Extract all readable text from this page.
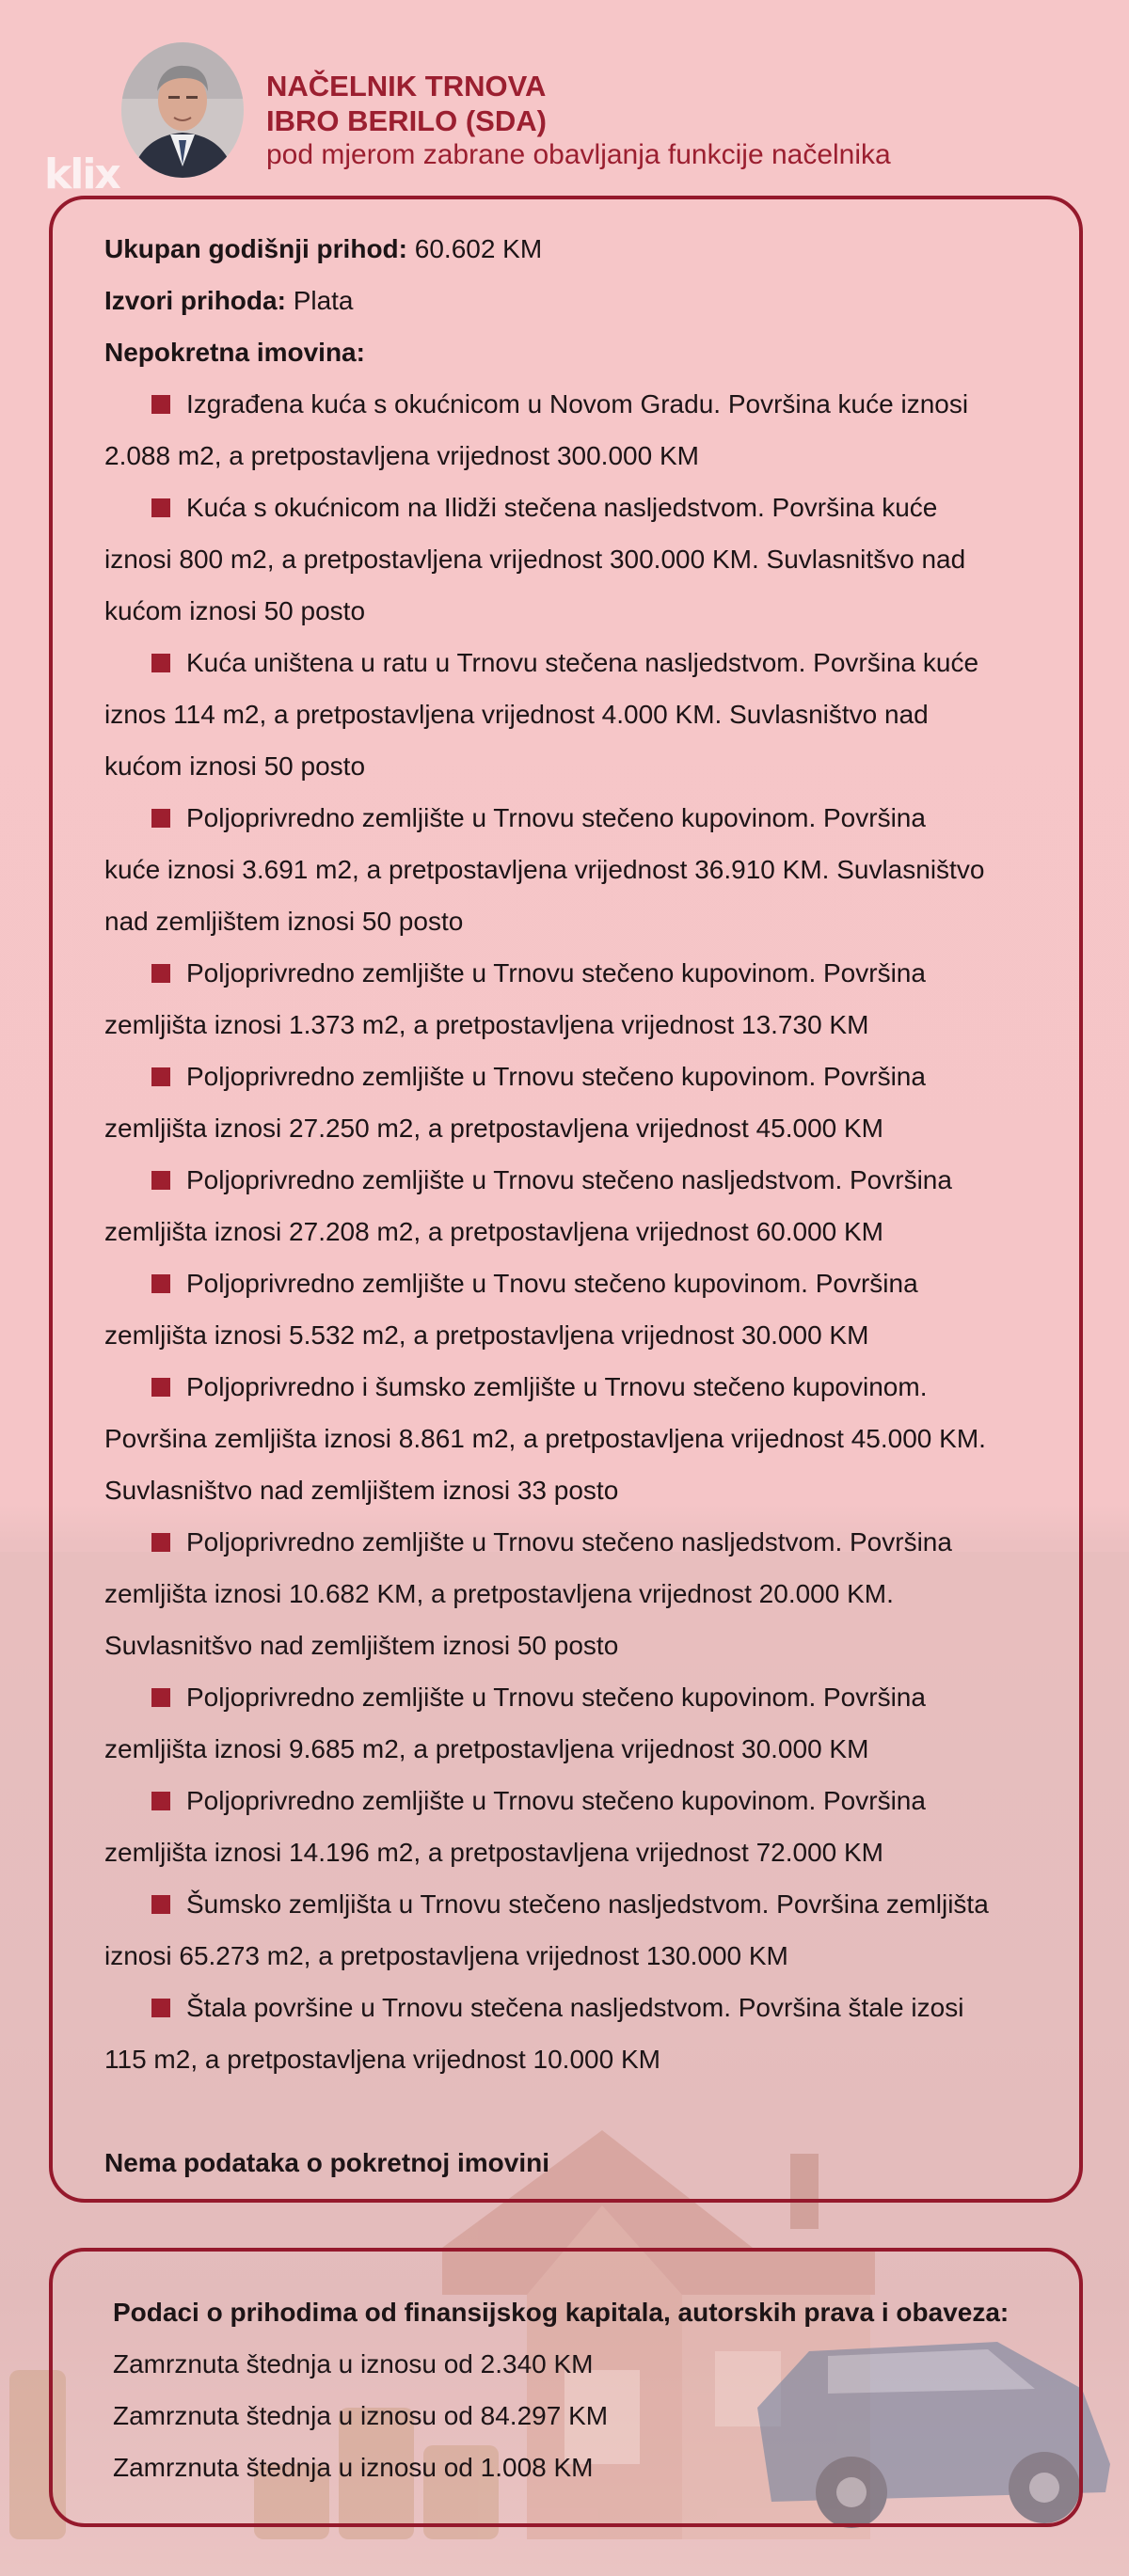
klix
NAČELNIK TRNOVA
IBRO BERILO (SDA)
pod mjerom zabrane obavljanja funkcije načelnika
Ukupan godišnji prihod: 60.602 KM
Izvori prihoda: Plata
Nepokretna imovina:
Izgrađena kuća s okućnicom u Novom Gradu. Površina kuće iznosi
2.088 m2, a pretpostavljena vrijednost 300.000 KM
Kuća s okućnicom na Ilidži stečena nasljedstvom. Površina kuće
iznosi 800 m2, a pretpostavljena vrijednost 300.000 KM. Suvlasnitšvo nad
kućom iznosi 50 posto
Kuća uništena u ratu u Trnovu stečena nasljedstvom. Površina kuće
iznos 114 m2, a pretpostavljena vrijednost 4.000 KM. Suvlasništvo nad
kućom iznosi 50 posto
Poljoprivredno zemljište u Trnovu stečeno kupovinom. Površina
kuće iznosi 3.691 m2, a pretpostavljena vrijednost 36.910 KM. Suvlasništvo
nad zemljištem iznosi 50 posto
Poljoprivredno zemljište u Trnovu stečeno kupovinom. Površina
zemljišta iznosi 1.373 m2, a pretpostavljena vrijednost 13.730 KM
Poljoprivredno zemljište u Trnovu stečeno kupovinom. Površina
zemljišta iznosi 27.250 m2, a pretpostavljena vrijednost 45.000 KM
Poljoprivredno zemljište u Trnovu stečeno nasljedstvom. Površina
zemljišta iznosi 27.208 m2, a pretpostavljena vrijednost 60.000 KM
Poljoprivredno zemljište u Tnovu stečeno kupovinom. Površina
zemljišta iznosi 5.532 m2, a pretpostavljena vrijednost 30.000 KM
Poljoprivredno i šumsko zemljište u Trnovu stečeno kupovinom.
Površina zemljišta iznosi 8.861 m2, a pretpostavljena vrijednost 45.000 KM.
Suvlasništvo nad zemljištem iznosi 33 posto
Poljoprivredno zemljište u Trnovu stečeno nasljedstvom. Površina
zemljišta iznosi 10.682 KM, a pretpostavljena vrijednost 20.000 KM.
Suvlasnitšvo nad zemljištem iznosi 50 posto
Poljoprivredno zemljište u Trnovu stečeno kupovinom. Površina
zemljišta iznosi 9.685 m2, a pretpostavljena vrijednost 30.000 KM
Poljoprivredno zemljište u Trnovu stečeno kupovinom. Površina
zemljišta iznosi 14.196 m2, a pretpostavljena vrijednost 72.000 KM
Šumsko zemljišta u Trnovu stečeno nasljedstvom. Površina zemljišta
iznosi 65.273 m2, a pretpostavljena vrijednost 130.000 KM
Štala površine u Trnovu stečena nasljedstvom. Površina štale izosi
115 m2, a pretpostavljena vrijednost 10.000 KM
Nema podataka o pokretnoj imovini
Podaci o prihodima od finansijskog kapitala, autorskih prava i obaveza:
Zamrznuta štednja u iznosu od 2.340 KM
Zamrznuta štednja u iznosu od 84.297 KM
Zamrznuta štednja u iznosu od 1.008 KM
